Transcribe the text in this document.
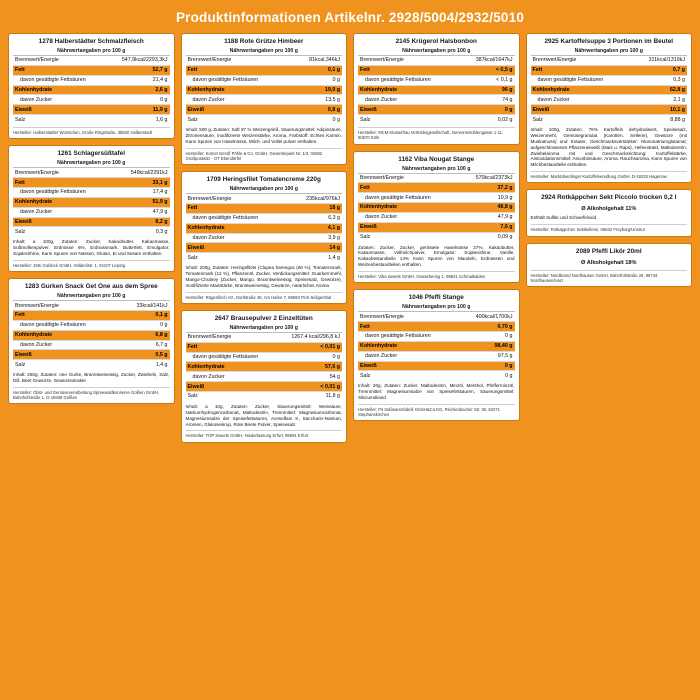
Produktinformationen Artikelnr. 2928/5004/2932/5010
1278 Halberstädter Schmalzfleisch
Nährwertangaben pro 100 g
Brennwert/Energie	547,9kcal/2293,3kJ
Fett	52,7 g
davon gesättigte Fettsäuren	21,4 g
Kohlenhydrate	2,6 g
davon Zucker	0 g
Eiweiß	11,9 g
Salz	1,6 g
Hersteller: Halberstädter Würstchen, Große Ringstraße, 38820 Halberstadt
1261 Schlagersüßtafel
Nährwertangaben pro 100 g
Brennwert/Energie	549kcal/2291kJ
Fett	33,1 g
davon gesättigte Fettsäuren	17,4 g
Kohlenhydrate	51,9 g
davon Zucker	47,9 g
Eiweiß	8,2 g
Salz	0,3 g
Inhalt: a 100g, Zutaten: Zucker, Kakaobutter, Kakaomasse, Süßmolkenpulver, Erdnüsse 6%, Erdnussmark, Butterfett, Emulgator: Sojalecithine, Kann Spuren von Nüssen, Glutan, Ei und Sesam enthalten.
Hersteller: Zetti Goldeck GmbH, Hölderlistr. 1, 04107 Leipzig
1283 Gurken Snack Get One aus dem Spree
Nährwertangaben pro 100 g
Brennwert/Energie	33kcal/141kJ
Fett	0,1 g
davon gesättigte Fettsäuren	0 g
Kohlenhydrate	6,8 g
davon Zucker	6,7 g
Eiweiß	0,5 g
Salz	1,4 g
Inhalt: 250g, Zutaten: one Gurke, Branntweinessig, Zucker, Zwiebeln, Salz, Dill, Beet Gewürze, Gewürzextrakte
Hersteller: Obst- und Gemüseverarbeitung Spreewaldkonserve Golßen GmbH, Bahnhofstraße 1, D-15938 Golßen
1188 Rote Grütze Himbeer
Nährwertangaben pro 100 g
Brennwert/Energie	81kcal,346kJ
Fett	0,1 g
davon gesättigte Fettsäuren	0 g
Kohlenhydrate	19,0 g
davon Zucker	13,5 g
Eiweiß	0,8 g
Salz	0 g
Inhalt: 500 g, Zutaten: Saft 97 % Weizengrieß, Säuerungsmittel: Adipinsäure, Zitronensäure, modifizierte Weizenstärke, Aroma, Farbstoff: Echtes Karmin. Kann Spuren von Haselnüsse, Milch- und Vollei pulver enthalten.
Hersteller: Komet Gerolf Pöhle & Co. GmbH, Gewerbepark Nr. 1/3, 02892 Großpostwitz - OT Ebendörfel
1709 Heringsfilet Tomatencreme 220g
Nährwertangaben pro 100 g
Brennwert/Energie	235kcal/976kJ
Fett	18 g
davon gesättigte Fettsäuren	6,3 g
Kohlenhydrate	4,1 g
davon Zucker	3,9 g
Eiweiß	14 g
Salz	1,4 g
Inhalt: 200g, Zutaten: Heringsfilets (Clupea harengus (60 %), Tomatenmark, Tomatenmark (12 %), Pflanzenöl, Zucker, Verdickungsmittel: Guarkernmehl, Mango-Chutney (Zucker, Mango, Branntweinessig, Speisesalz, Gewürze), modifizierte Maisstärke, Branntweinessig, Gewürze, natürliches Aroma
Hersteller: Rügenfisch AG, Dorfstraße 48, Am Hafen 7, 98593 Floh-Seligenthal
2647 Brausepulver 2 Einzeltüten
Nährwertangaben pro 100 g
Brennwert/Energie	1267,4 kcal/296,8 kJ
Fett	< 0,01 g
davon gesättigte Fettsäuren	0 g
Kohlenhydrate	57,6 g
davon Zucker	54 g
Eiweiß	< 0,01 g
Salz	11,8 g
Inhalt: a 10g, Zutaten: Zucker, Säuerungsmittel: Weinsäure, Natriumhydrogencarbonat, Maltodextrin, Trennmittel: Magnesiumcarbonat, Magnesiumsalze der Speisefettsäuren, Aceselfam K, Saccharin-Natrium, Aromen, Glukosesirup, Rote Beete Pulver, Speisesalz
Hersteller: TOP Sweets GmbH, Niederlassung Erfurt, 99091 Erfurt
2145 Krügerol Halsbonbon
Nährwertangaben pro 100 g
Brennwert/Energie	387kcal/1647kJ
Fett	< 0,5 g
davon gesättigte Fettsäuren	< 0,1 g
Kohlenhydrate	96 g
davon Zucker	74 g
Eiweiß	0 g
Salz	0,02 g
Hersteller: MCM Klosterfrau Vertriebsgesellschaft, Gereonsmühlengasse 1-11, 50670 Köln
1162 Viba Nougat Stange
Nährwertangaben pro 100 g
Brennwert/Energie	570kcal/2373kJ
Fett	37,2 g
davon gesättigte Fettsäuren	10,9 g
Kohlenhydrate	48,8 g
davon Zucker	47,9 g
Eiweiß	7,6 g
Salz	0,09 g
Zutaten: Zucker, Zucker, geröstete Haselnüsse 27%, Kakaobutter, Kakaomasse, Vollmilchpulver, Emulgator: Sojalecithine, Vanille, Kakaobestandteile 14% Kann Spuren von Mandeln, Erdnüssen und Weizenbestandteilen enthalten.
Hersteller: Viba sweets GmbH, Gewerbering 1, 98631 Schmalkalden
1046 Pfeffi Stange
Nährwertangaben pro 100 g
Brennwert/Energie	400kcal/1700kJ
Fett	0,70 g
davon gesättigte Fettsäuren	0 g
Kohlenhydrate	98,40 g
davon Zucker	97,5 g
Eiweiß	0 g
Salz	0 g
Inhalt: 20g, Zutaten: Zucker, Maltodextrin, Minzöl, Menthol, Pfefferminzöl, Trennmittel: Magnesiumsalze von Speisefettsäuren, Säuerungsmittel: Siliciumdioxid
Hersteller: Pit Süßwarenfabrik GmbH&Co.KG, Reichenbacher Str. 36, 63271 Stephanskirchen
2925 Kartoffelsuppe 3 Portionen im Beutel
Nährwertangaben pro 100 g
Brennwert/Energie	311kcal/1319kJ
Fett	0,7 g
davon gesättigte Fettsäuren	0,3 g
Kohlenhydrate	62,8 g
davon Zucker	2,1 g
Eiweiß	10,1 g
Salz	8,88 g
Inhalt: 100g, Zutaten: 76% Kartoffeln dehydratisiert, Speisesalz, Weizenmehl, Gemüsegranulat (Karotten, Sellerie), Gewürze (mit Muskatnuss) und Kräuter, Geschmacksverstärker: Mononatriumglutamat; aufgeschlossenes Pflanzeneiweiß (Mais u. Raps), Hefeextrakt, Maltodextrin, Zwiebelaroma mit und Geschmacksrichtung: Kartoffelstärke, Antioxidationsmittel: Ascorbinsäure, Aroma, Rauchsaroma, Kann Spuren von Milchbestandteile enthalten.
Hersteller: Marktoberdinger Kartoffelveredlung GmbH, D-19230 Hagenow
2924 Rotkäppchen Sekt Piccolo trocken 0,2 l
Ø Alkoholgehalt 11%
Enthält Sulfite und Schwefeloxid
Hersteller: Rotkäppchen Sektkellerei, 06632 Freyburg/Unstrut
2089 Pfeffi Likör 20ml
Ø Alkoholgehalt 18%
Hersteller: Nordbrand Nordhausen GmbH, Bahnhofstraße 28, 99734 Nordhausen/Harz
